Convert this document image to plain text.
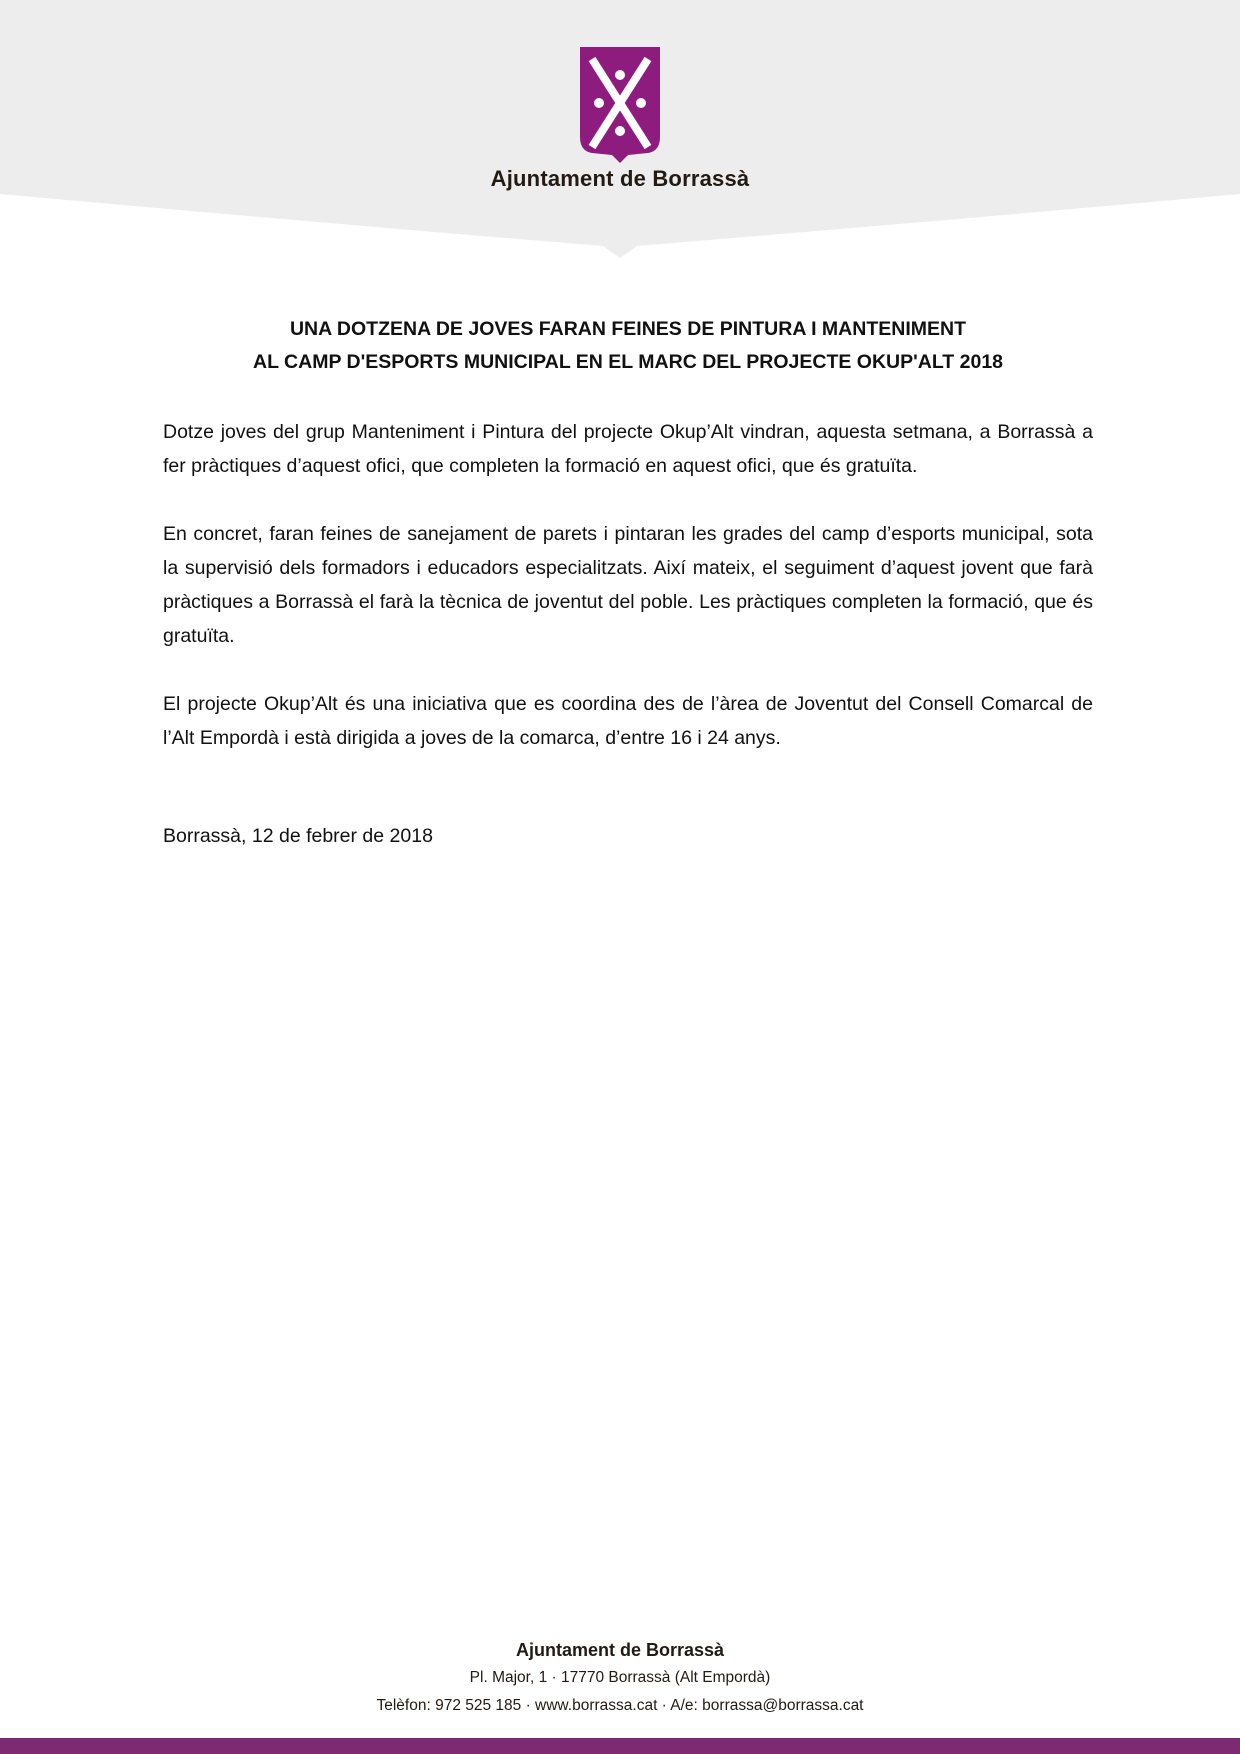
Ajuntament de Borrassà
UNA DOTZENA DE JOVES FARAN FEINES DE PINTURA I MANTENIMENT
AL CAMP D'ESPORTS MUNICIPAL EN EL MARC DEL PROJECTE OKUP'ALT 2018

Dotze joves del grup Manteniment i Pintura del projecte Okup’Alt vindran, aquesta setmana, a Borrassà a fer pràctiques d’aquest ofici, que completen la formació en aquest ofici, que és gratuïta.

En concret, faran feines de sanejament de parets i pintaran les grades del camp d’esports municipal, sota la supervisió dels formadors i educadors especialitzats. Així mateix, el seguiment d’aquest jovent que farà pràctiques a Borrassà el farà la tècnica de joventut del poble. Les pràctiques completen la formació, que és gratuïta.

El projecte Okup’Alt és una iniciativa que es coordina des de l’àrea de Joventut del Consell Comarcal de l’Alt Empordà i està dirigida a joves de la comarca, d’entre 16 i 24 anys.

Borrassà, 12 de febrer de 2018

Ajuntament de Borrassà
Pl. Major, 1 · 17770 Borrassà (Alt Empordà)
Telèfon: 972 525 185 · www.borrassa.cat · A/e: borrassa@borrassa.cat
